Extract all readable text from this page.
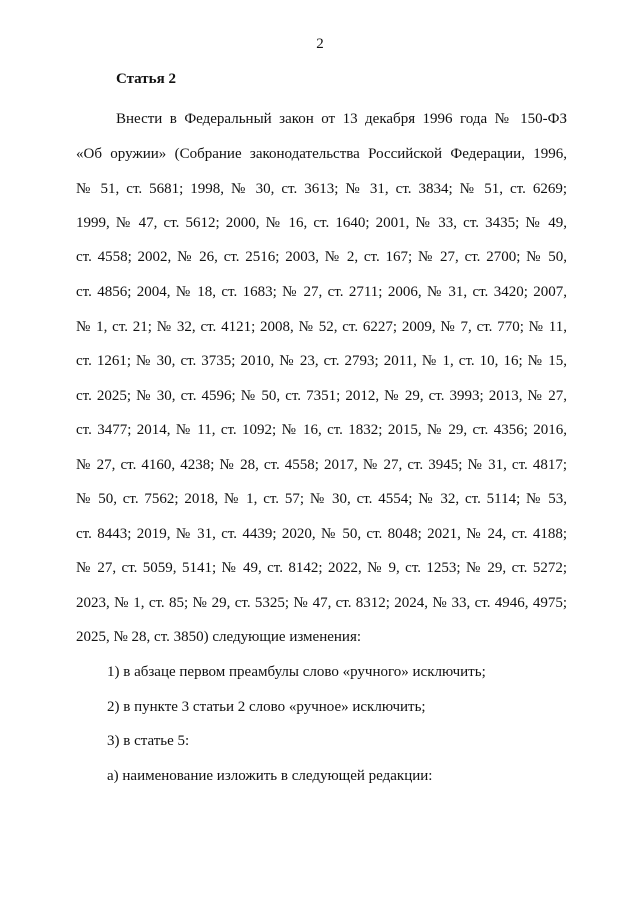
2
Статья 2
Внести в Федеральный закон от 13 декабря 1996 года № 150-ФЗ
«Об оружии» (Собрание законодательства Российской Федерации, 1996,
№ 51, ст. 5681; 1998, № 30, ст. 3613; № 31, ст. 3834; № 51, ст. 6269;
1999, № 47, ст. 5612; 2000, № 16, ст. 1640; 2001, № 33, ст. 3435; № 49,
ст. 4558; 2002, № 26, ст. 2516; 2003, № 2, ст. 167; № 27, ст. 2700; № 50,
ст. 4856; 2004, № 18, ст. 1683; № 27, ст. 2711; 2006, № 31, ст. 3420; 2007,
№ 1, ст. 21; № 32, ст. 4121; 2008, № 52, ст. 6227; 2009, № 7, ст. 770; № 11,
ст. 1261; № 30, ст. 3735; 2010, № 23, ст. 2793; 2011, № 1, ст. 10, 16; № 15,
ст. 2025; № 30, ст. 4596; № 50, ст. 7351; 2012, № 29, ст. 3993; 2013, № 27,
ст. 3477; 2014, № 11, ст. 1092; № 16, ст. 1832; 2015, № 29, ст. 4356; 2016,
№ 27, ст. 4160, 4238; № 28, ст. 4558; 2017, № 27, ст. 3945; № 31, ст. 4817;
№ 50, ст. 7562; 2018, № 1, ст. 57; № 30, ст. 4554; № 32, ст. 5114; № 53,
ст. 8443; 2019, № 31, ст. 4439; 2020, № 50, ст. 8048; 2021, № 24, ст. 4188;
№ 27, ст. 5059, 5141; № 49, ст. 8142; 2022, № 9, ст. 1253; № 29, ст. 5272;
2023, № 1, ст. 85; № 29, ст. 5325; № 47, ст. 8312; 2024, № 33, ст. 4946, 4975;
2025, № 28, ст. 3850) следующие изменения:
1) в абзаце первом преамбулы слово «ручного» исключить;
2) в пункте 3 статьи 2 слово «ручное» исключить;
3) в статье 5:
а) наименование изложить в следующей редакции:
